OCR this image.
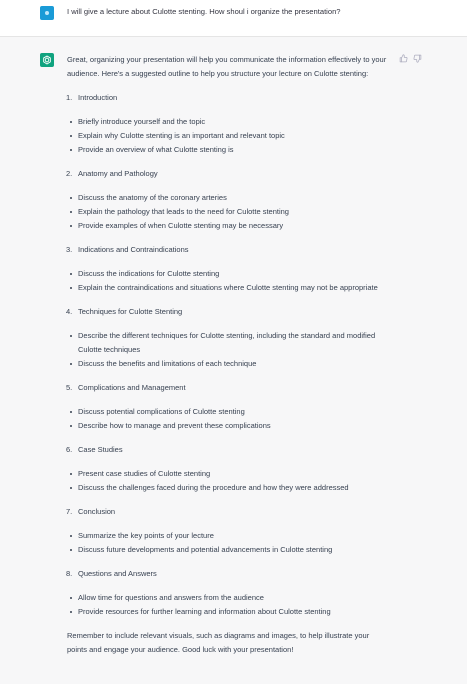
I will give a lecture about Culotte stenting. How shoul i organize the presentation?

Great, organizing your presentation will help you communicate the information effectively to your audience. Here's a suggested outline to help you structure your lecture on Culotte stenting:

1. Introduction
Briefly introduce yourself and the topic
Explain why Culotte stenting is an important and relevant topic
Provide an overview of what Culotte stenting is
2. Anatomy and Pathology
Discuss the anatomy of the coronary arteries
Explain the pathology that leads to the need for Culotte stenting
Provide examples of when Culotte stenting may be necessary
3. Indications and Contraindications
Discuss the indications for Culotte stenting
Explain the contraindications and situations where Culotte stenting may not be appropriate
4. Techniques for Culotte Stenting
Describe the different techniques for Culotte stenting, including the standard and modified Culotte techniques
Discuss the benefits and limitations of each technique
5. Complications and Management
Discuss potential complications of Culotte stenting
Describe how to manage and prevent these complications
6. Case Studies
Present case studies of Culotte stenting
Discuss the challenges faced during the procedure and how they were addressed
7. Conclusion
Summarize the key points of your lecture
Discuss future developments and potential advancements in Culotte stenting
8. Questions and Answers
Allow time for questions and answers from the audience
Provide resources for further learning and information about Culotte stenting

Remember to include relevant visuals, such as diagrams and images, to help illustrate your points and engage your audience. Good luck with your presentation!
